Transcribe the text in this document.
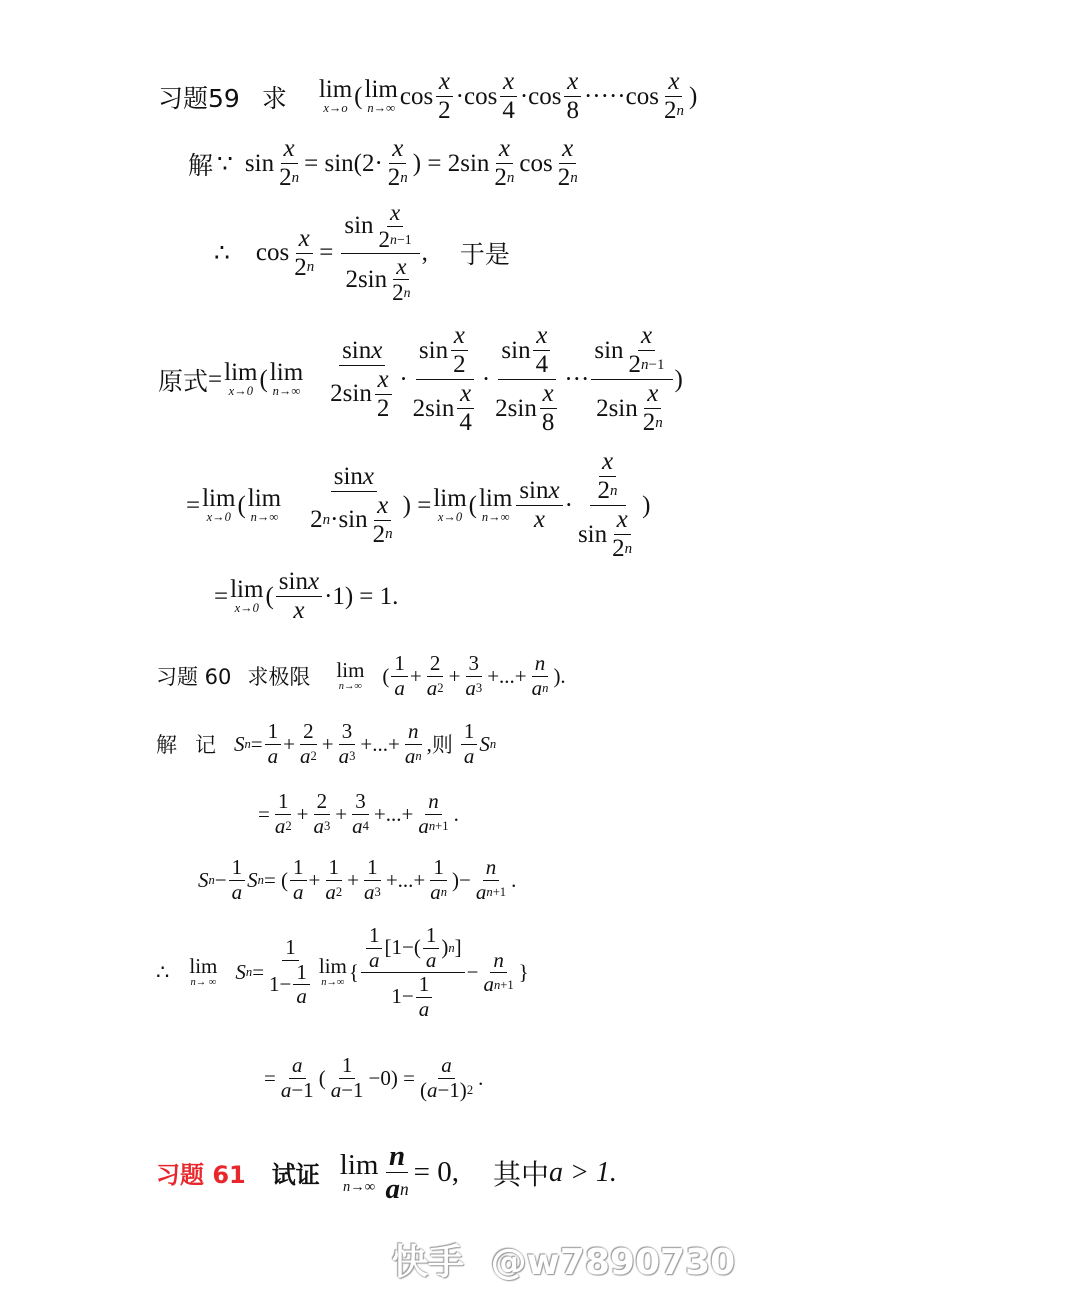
习题59 求 lim
x→o ( lim
n→∞ $\cos \frac{x}{2} \cdot\cos \frac{x}{4} \cdot\cos \frac{x}{8} \cdot\cdot\cdot\cdot\cdot\cos \frac{x}{2 n}$ )
解 ∵ $\sin \frac{x}{2 n} = \sin(2\cdot \frac{x}{2 n}$ ) = $2\sin \frac{x}{2 n}$ $\cos \frac{x}{2 n}$
∴ $\cos \frac{x}{2 n} = \frac{\sin \frac{x}{2 n-1}}{2\sin \frac{x}{2 n}}$ , 于是
原式 = lim
x→0 ( lim
$n\to\infty \frac{\text{sin x}}{2\sin \frac{x}{2}} \cdot \frac{\sin \frac{x}{2}}{2\sin \frac{x}{4}} \cdot \frac{\sin \frac{x}{4}}{2\sin \frac{x}{8}}$ ··· $\frac{\sin \frac{x}{2 n-1}}{2\sin \frac{x}{2 n}}$ )
= lim
x→0 ( lim
$n\to\infty \frac{\text{sin x}}{2 n \cdot\sin \frac{x}{2 n}}$ ) = lim
x→0 ( lim
$n\to\infty \frac{\text{sin x}}{x} \cdot \frac{\frac{x}{2 n}}{\sin \frac{x}{2 n}}$ )
= lim
x→0 ( $\frac{\text{sin x}}{x} \cdot 1) = 1$.
习题 60 求极限 lim
n→∞ ( $\frac{1}{a} + \frac{2}{a 2} + \frac{3}{a 3}$ +...+ $\frac{n}{\text{a n}}$ ).
解 记 S $n = \frac{1}{a} + \frac{2}{a 2} + \frac{3}{a 3}$ +...+ $\frac{n}{\text{a n}}$ , 则 $\frac{1}{a}$ S n
= $\frac{1}{a 2} + \frac{2}{a 3} + \frac{3}{a 4}$ +...+ $\frac{n}{\text{a n+1}}$ .
S $n - \frac{1}{a}$ S n = ( $\frac{1}{a} + \frac{1}{a 2} + \frac{1}{a 3}$ +...+ $\frac{1}{\text{a n}}$ )− $\frac{n}{\text{a n+1}}$ .
∴ lim
n→ ∞ S $n = \frac{1}{1- \frac{1}{a}}$ lim
n→∞ { $\frac{\frac{1}{a} [1-( \frac{1}{a} ) n ]}{1- \frac{1}{a}} - \frac{n}{\text{a n+1}}$ }
= $\frac{a}{a -1}$ ( $\frac{1}{a -1} -0) = \frac{a}{( a -1) 2}$ .
习题 61 试证 lim
$n\to\infty \frac{n}{\text{a n}} = 0$, 其中 a > 1.
快手 @w7890730
